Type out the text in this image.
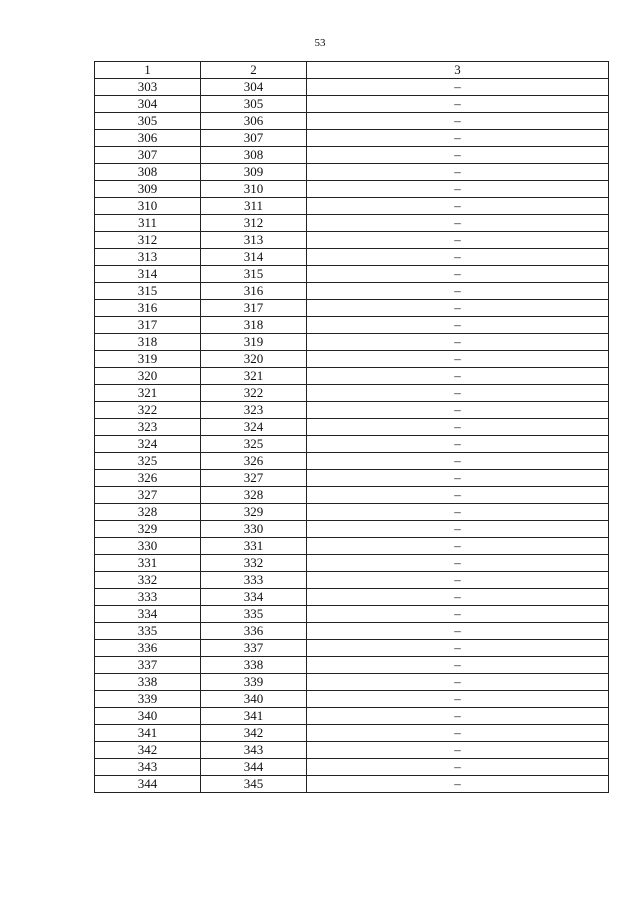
53
1	2	3
303	304	–
304	305	–
305	306	–
306	307	–
307	308	–
308	309	–
309	310	–
310	311	–
311	312	–
312	313	–
313	314	–
314	315	–
315	316	–
316	317	–
317	318	–
318	319	–
319	320	–
320	321	–
321	322	–
322	323	–
323	324	–
324	325	–
325	326	–
326	327	–
327	328	–
328	329	–
329	330	–
330	331	–
331	332	–
332	333	–
333	334	–
334	335	–
335	336	–
336	337	–
337	338	–
338	339	–
339	340	–
340	341	–
341	342	–
342	343	–
343	344	–
344	345	–
